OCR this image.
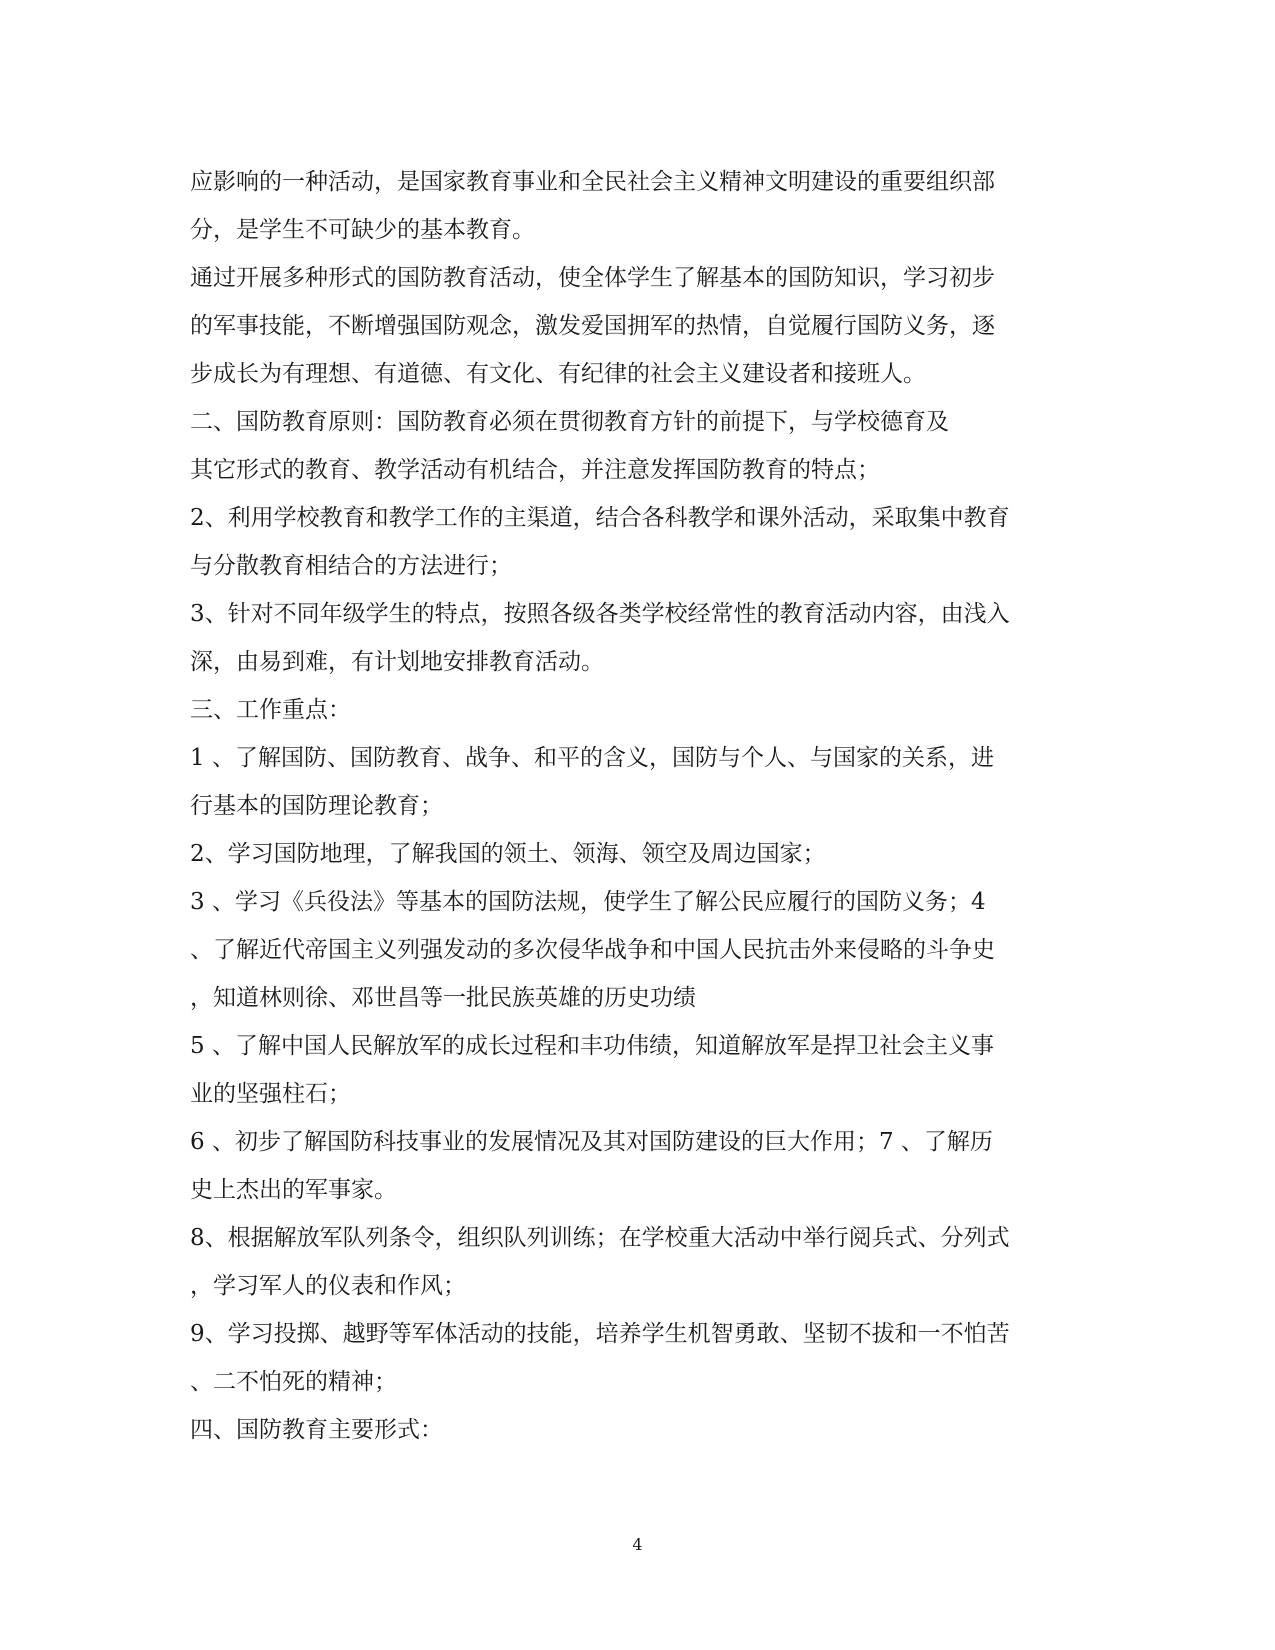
应影响的一种活动，是国家教育事业和全民社会主义精神文明建设的重要组织部
分，是学生不可缺少的基本教育。
通过开展多种形式的国防教育活动，使全体学生了解基本的国防知识，学习初步
的军事技能，不断增强国防观念，激发爱国拥军的热情，自觉履行国防义务，逐
步成长为有理想、有道德、有文化、有纪律的社会主义建设者和接班人。
二、国防教育原则：国防教育必须在贯彻教育方针的前提下，与学校德育及
其它形式的教育、教学活动有机结合，并注意发挥国防教育的特点；
2、利用学校教育和教学工作的主渠道，结合各科教学和课外活动，采取集中教育
与分散教育相结合的方法进行；
3、针对不同年级学生的特点，按照各级各类学校经常性的教育活动内容，由浅入
深，由易到难，有计划地安排教育活动。
三、工作重点：
1 、了解国防、国防教育、战争、和平的含义，国防与个人、与国家的关系，进
行基本的国防理论教育；
2、学习国防地理，了解我国的领土、领海、领空及周边国家；
3 、学习《兵役法》等基本的国防法规，使学生了解公民应履行的国防义务；4
、了解近代帝国主义列强发动的多次侵华战争和中国人民抗击外来侵略的斗争史
，知道林则徐、邓世昌等一批民族英雄的历史功绩
5 、了解中国人民解放军的成长过程和丰功伟绩，知道解放军是捍卫社会主义事
业的坚强柱石；
6 、初步了解国防科技事业的发展情况及其对国防建设的巨大作用；7 、了解历
史上杰出的军事家。
8、根据解放军队列条令，组织队列训练；在学校重大活动中举行阅兵式、分列式
，学习军人的仪表和作风；
9、学习投掷、越野等军体活动的技能，培养学生机智勇敢、坚韧不拔和一不怕苦
、二不怕死的精神；
四、国防教育主要形式：
4
